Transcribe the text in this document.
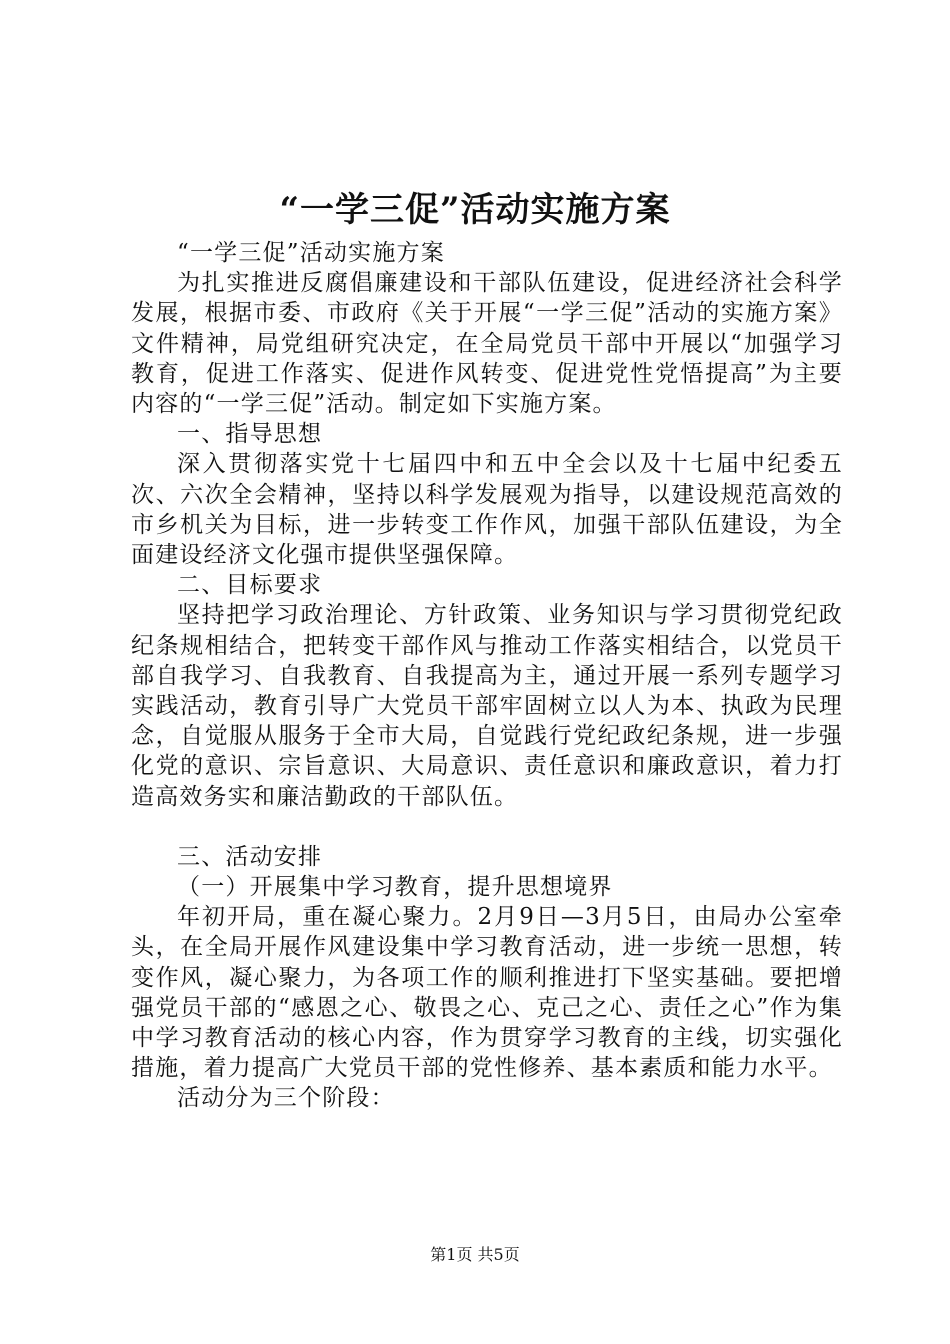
“一学三促”活动实施方案

“一学三促”活动实施方案

为扎实推进反腐倡廉建设和干部队伍建设，促进经济社会科学发展，根据市委、市政府《关于开展“一学三促”活动的实施方案》文件精神，局党组研究决定，在全局党员干部中开展以“加强学习教育，促进工作落实、促进作风转变、促进党性党悟提高”为主要内容的“一学三促”活动。制定如下实施方案。

一、指导思想

深入贯彻落实党十七届四中和五中全会以及十七届中纪委五次、六次全会精神，坚持以科学发展观为指导，以建设规范高效的市乡机关为目标，进一步转变工作作风，加强干部队伍建设，为全面建设经济文化强市提供坚强保障。

二、目标要求

坚持把学习政治理论、方针政策、业务知识与学习贯彻党纪政纪条规相结合，把转变干部作风与推动工作落实相结合，以党员干部自我学习、自我教育、自我提高为主，通过开展一系列专题学习实践活动，教育引导广大党员干部牢固树立以人为本、执政为民理念，自觉服从服务于全市大局，自觉践行党纪政纪条规，进一步强化党的意识、宗旨意识、大局意识、责任意识和廉政意识，着力打造高效务实和廉洁勤政的干部队伍。

三、活动安排

（一）开展集中学习教育，提升思想境界

年初开局，重在凝心聚力。2月9日—3月5日，由局办公室牵头，在全局开展作风建设集中学习教育活动，进一步统一思想，转变作风，凝心聚力，为各项工作的顺利推进打下坚实基础。要把增强党员干部的“感恩之心、敬畏之心、克己之心、责任之心”作为集中学习教育活动的核心内容，作为贯穿学习教育的主线，切实强化措施，着力提高广大党员干部的党性修养、基本素质和能力水平。

活动分为三个阶段：

第1页 共5页
